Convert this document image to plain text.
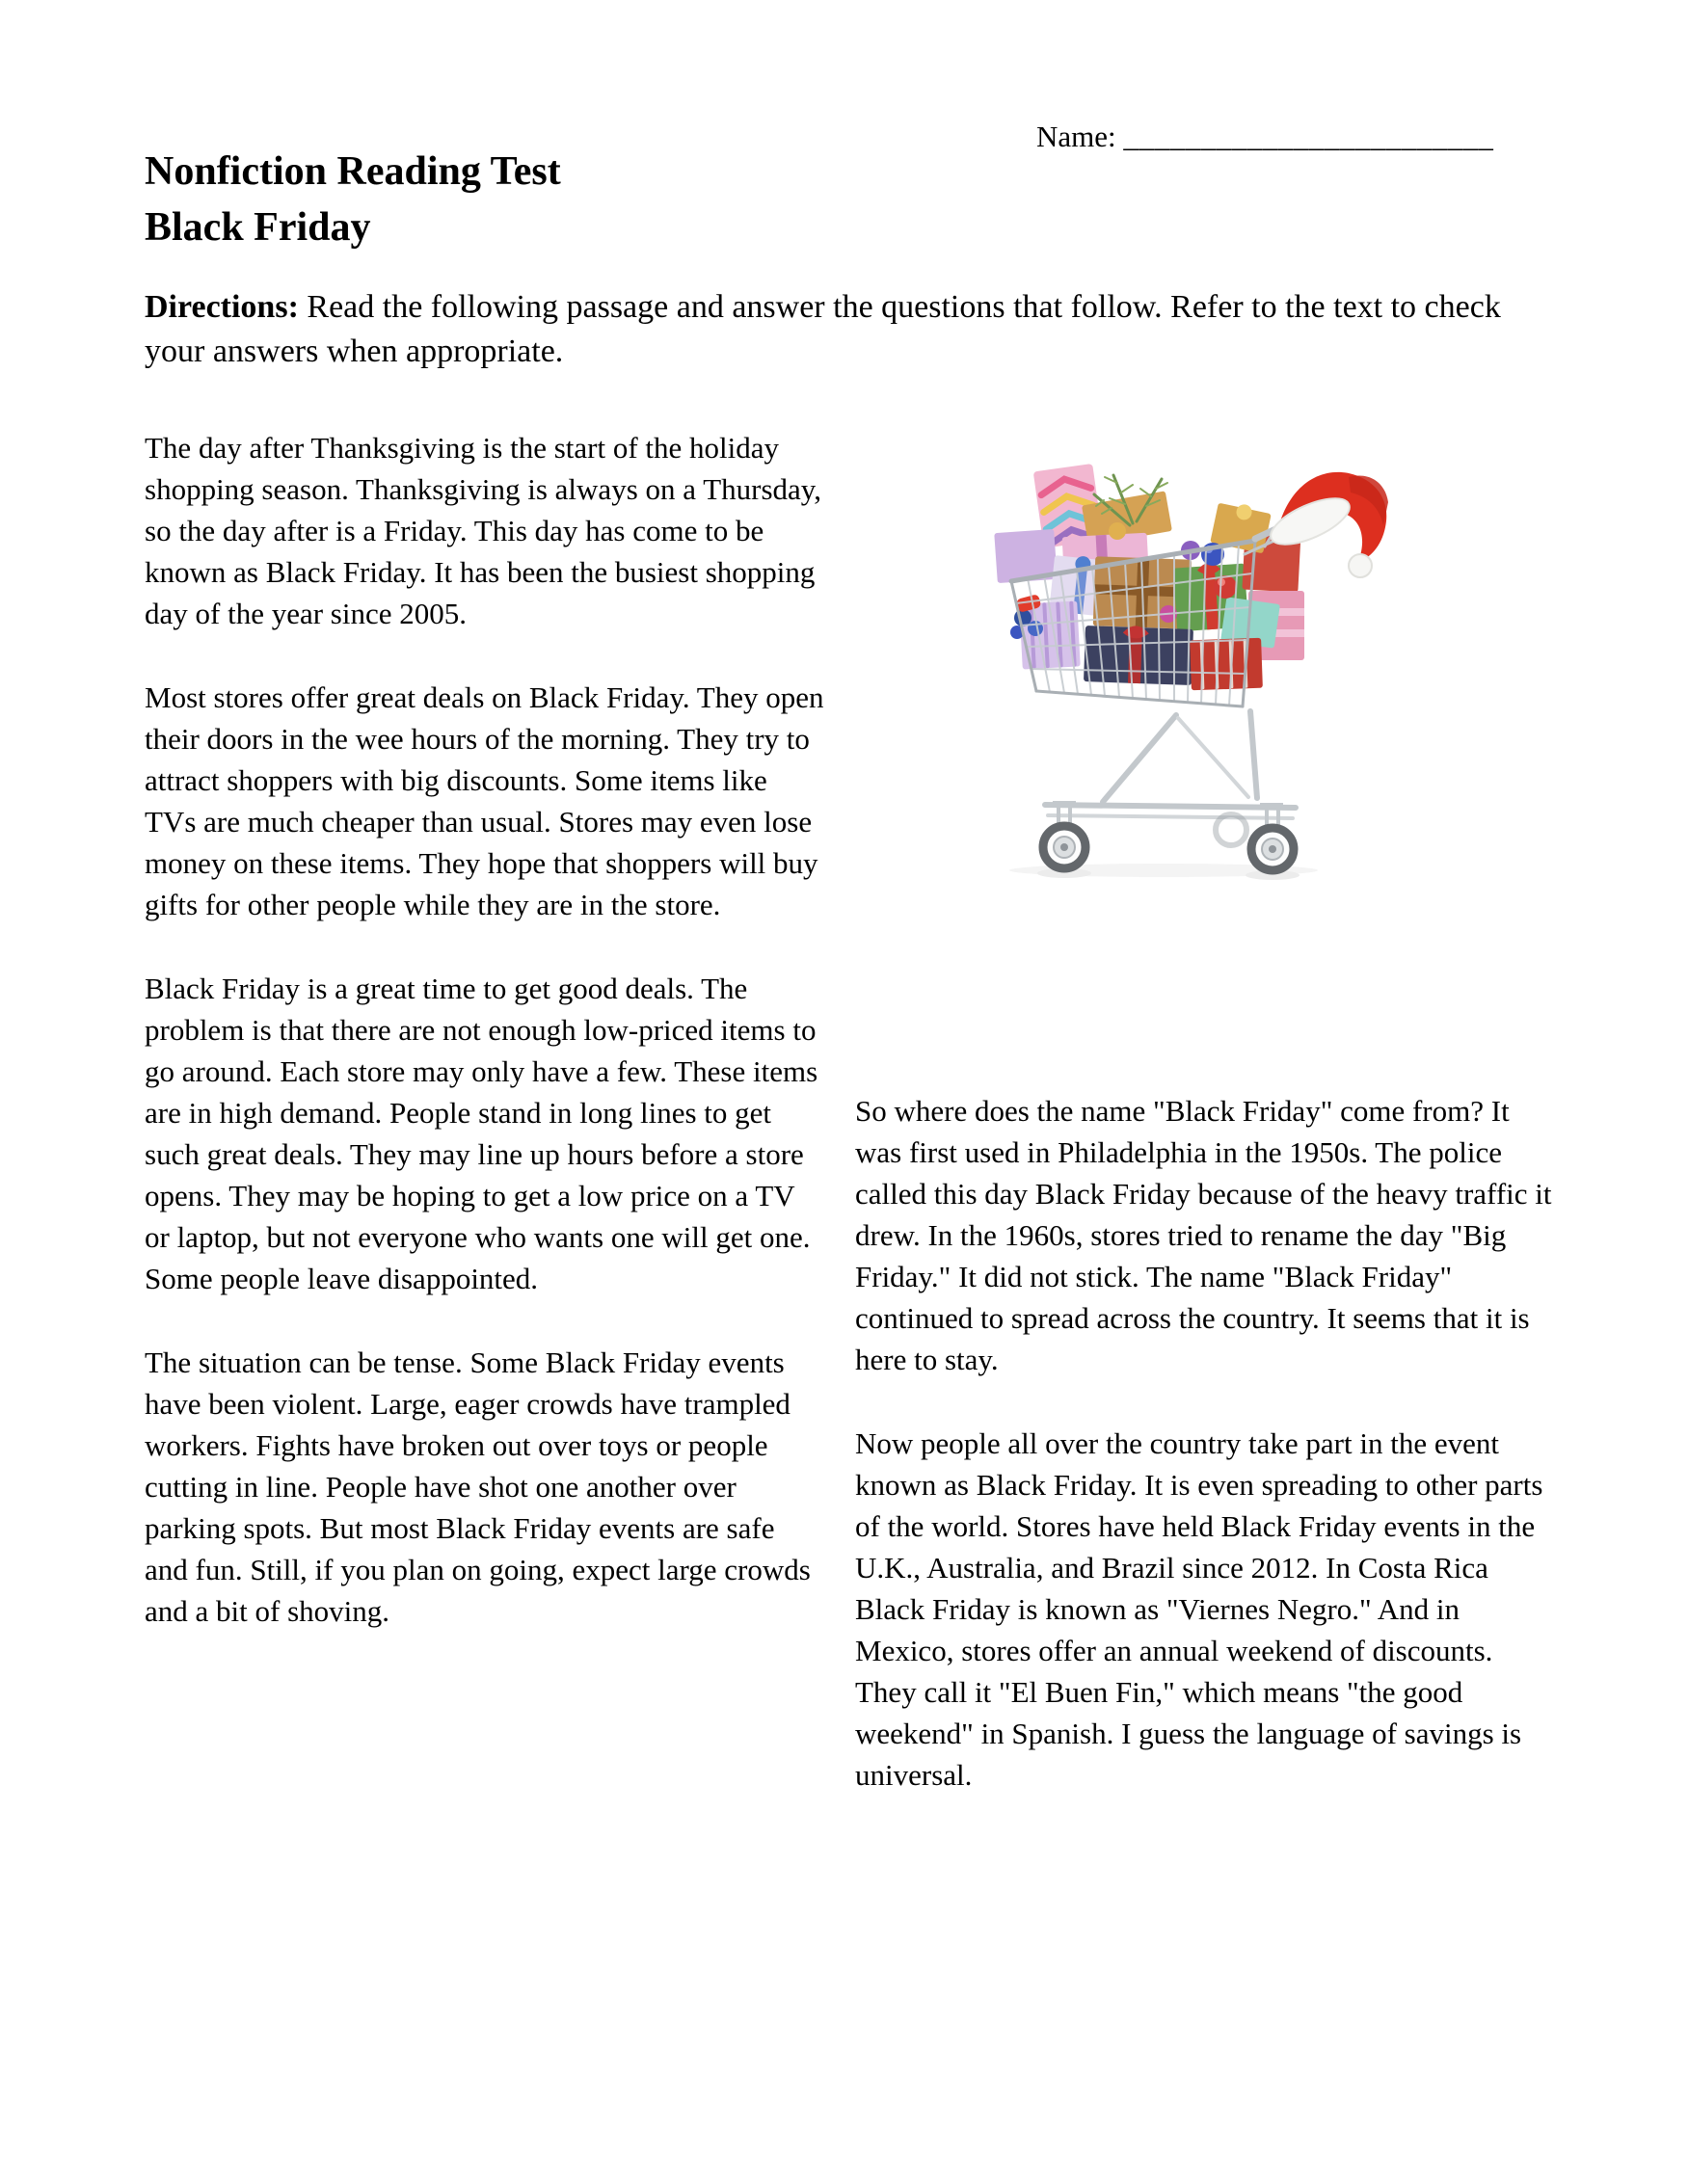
Name: ________________________
Nonfiction Reading Test
Black Friday
Directions: Read the following passage and answer the questions that follow. Refer to the text to check your answers when appropriate.

The day after Thanksgiving is the start of the holiday shopping season. Thanksgiving is always on a Thursday, so the day after is a Friday. This day has come to be known as Black Friday. It has been the busiest shopping day of the year since 2005.

Most stores offer great deals on Black Friday. They open their doors in the wee hours of the morning. They try to attract shoppers with big discounts. Some items like TVs are much cheaper than usual. Stores may even lose money on these items. They hope that shoppers will buy gifts for other people while they are in the store.

Black Friday is a great time to get good deals. The problem is that there are not enough low-priced items to go around. Each store may only have a few. These items are in high demand. People stand in long lines to get such great deals. They may line up hours before a store opens. They may be hoping to get a low price on a TV or laptop, but not everyone who wants one will get one. Some people leave disappointed.

The situation can be tense. Some Black Friday events have been violent. Large, eager crowds have trampled workers. Fights have broken out over toys or people cutting in line. People have shot one another over parking spots. But most Black Friday events are safe and fun. Still, if you plan on going, expect large crowds and a bit of shoving.

So where does the name "Black Friday" come from? It was first used in Philadelphia in the 1950s. The police called this day Black Friday because of the heavy traffic it drew. In the 1960s, stores tried to rename the day "Big Friday." It did not stick. The name "Black Friday" continued to spread across the country. It seems that it is here to stay.

Now people all over the country take part in the event known as Black Friday. It is even spreading to other parts of the world. Stores have held Black Friday events in the U.K., Australia, and Brazil since 2012. In Costa Rica Black Friday is known as "Viernes Negro." And in Mexico, stores offer an annual weekend of discounts. They call it "El Buen Fin," which means "the good weekend" in Spanish. I guess the language of savings is universal.
